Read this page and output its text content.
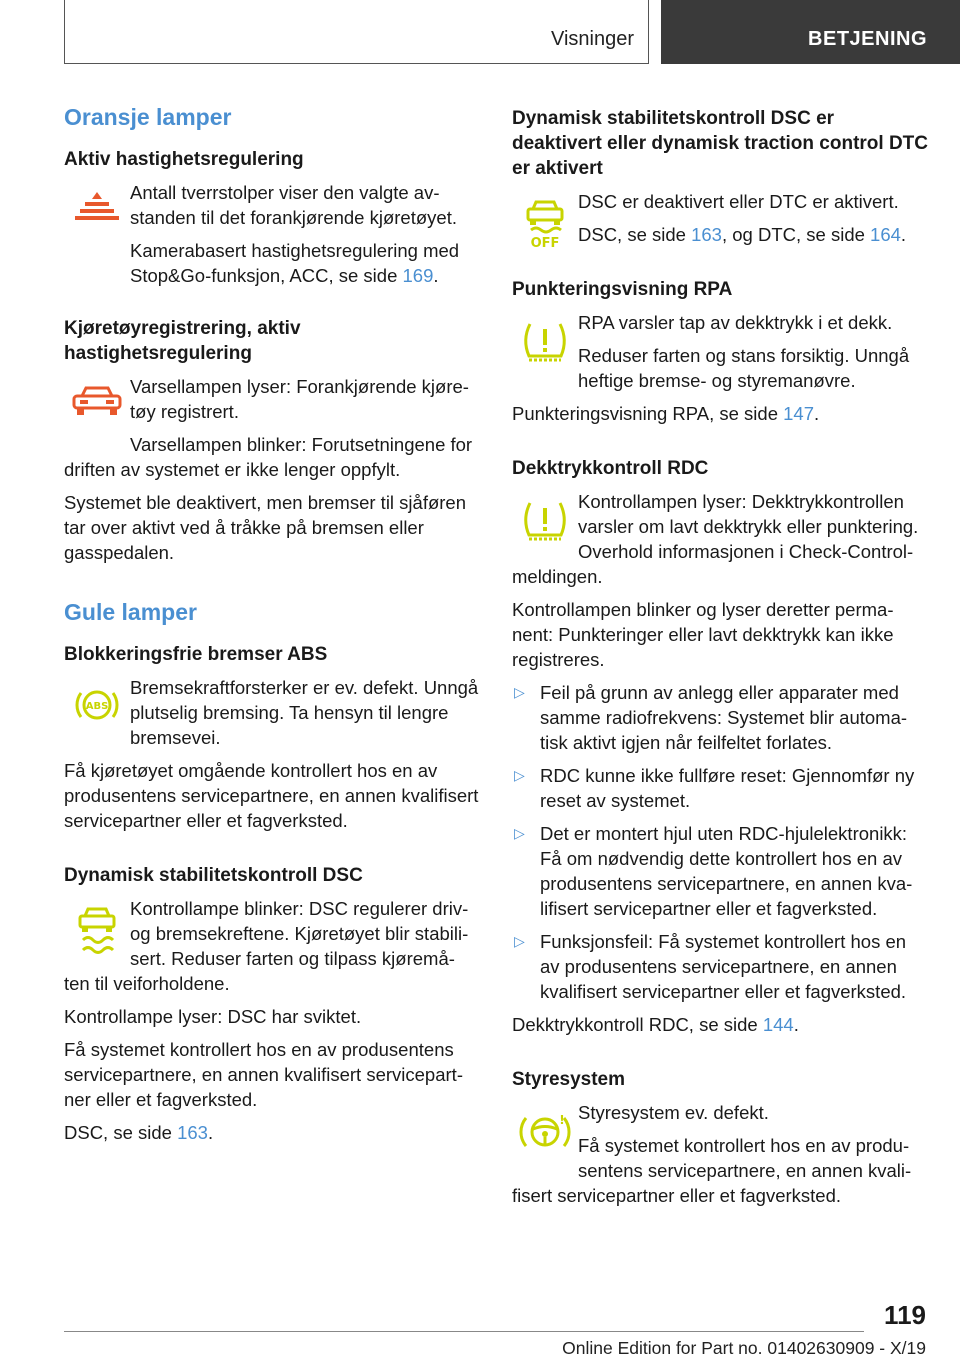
Visninger	BETJENING
Oransje lamper
Aktiv hastighetsregulering

Antall tverrstolper viser den valgte avstanden til det forankjørende kjøretøyet.

Kamerabasert hastighetsregulering med Stop&Go-funksjon, ACC, se side 169.

Kjøretøyregistrering, aktiv hastighetsregulering

Varsellampen lyser: Forankjørende kjøretøy registrert.

Varsellampen blinker: Forutsetningene for driften av systemet er ikke lenger oppfylt.

Systemet ble deaktivert, men bremser til sjåføren tar over aktivt ved å tråkke på bremsen eller gasspedalen.

Gule lamper
Blokkeringsfrie bremser ABS
ABS

Bremsekraftforsterker er ev. defekt. Unngå plutselig bremsing. Ta hensyn til lengre bremsevei.

Få kjøretøyet omgående kontrollert hos en av produsentens servicepartnere, en annen kvalifisert servicepartner eller et fagverksted.

Dynamisk stabilitetskontroll DSC

Kontrollampe blinker: DSC regulerer driv- og bremsekreftene. Kjøretøyet blir stabilisert. Reduser farten og tilpass kjøremå-

ten til veiforholdene.

Kontrollampe lyser: DSC har sviktet.

Få systemet kontrollert hos en av produsentens servicepartnere, en annen kvalifisert servicepartner eller et fagverksted.

DSC, se side 163.

Dynamisk stabilitetskontroll DSC er deaktivert eller dynamisk traction control DTC er aktivert
OFF

DSC er deaktivert eller DTC er aktivert.

DSC, se side 163, og DTC, se side 164.

Punkteringsvisning RPA

RPA varsler tap av dekktrykk i et dekk.

Reduser farten og stans forsiktig. Unngå heftige bremse- og styremanøvre.

Punkteringsvisning RPA, se side 147.

Dekktrykkontroll RDC

Kontrollampen lyser: Dekktrykkontrollen varsler om lavt dekktrykk eller punktering. Overhold informasjonen i Check-Control-

meldingen.

Kontrollampen blinker og lyser deretter permanent: Punkteringer eller lavt dekktrykk kan ikke registreres.

▷ Feil på grunn av anlegg eller apparater med samme radiofrekvens: Systemet blir automatisk aktivt igjen når feilfeltet forlates.
▷ RDC kunne ikke fullføre reset: Gjennomfør ny reset av systemet.
▷ Det er montert hjul uten RDC-hjulelektronikk: Få om nødvendig dette kontrollert hos en av produsentens servicepartnere, en annen kvalifisert servicepartner eller et fagverksted.
▷ Funksjonsfeil: Få systemet kontrollert hos en av produsentens servicepartnere, en annen kvalifisert servicepartner eller et fagverksted.

Dekktrykkontroll RDC, se side 144.

Styresystem
! Styresystem ev. defekt.

Få systemet kontrollert hos en av produsentens servicepartnere, en annen kvali-

fisert servicepartner eller et fagverksted.

119
Online Edition for Part no. 01402630909 - X/19
